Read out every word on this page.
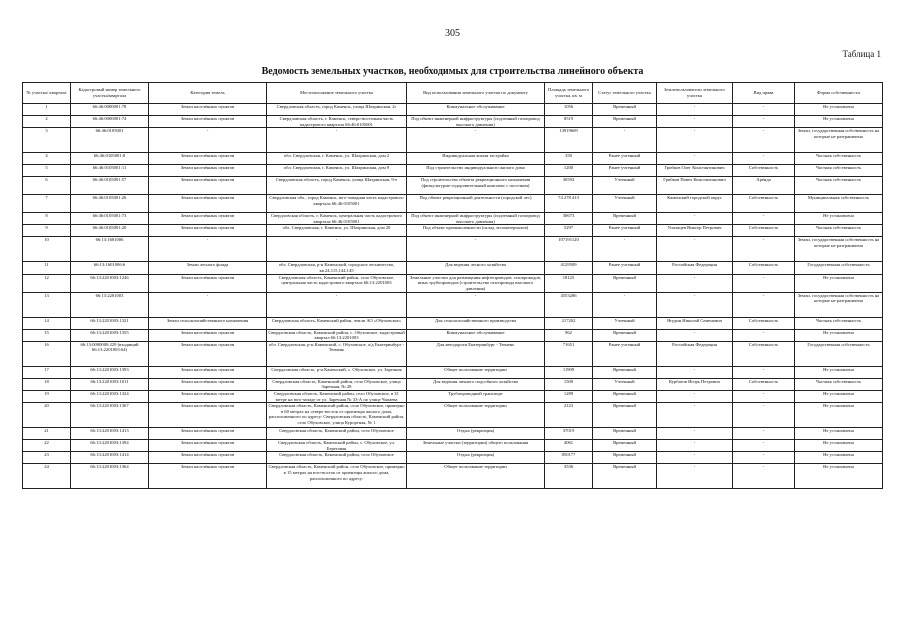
305
Таблица 1
Ведомость земельных участков, необходимых для строительства линейного объекта
№ участка/ квартала	Кадастровый номер земельного участка/квартала	Категория земель	Местоположение земельного участка	Вид использования земельного участка по документу	Площадь земельного участка, кв. м	Статус земельного участка	Землепользователи земельного участка	Вид права	Форма собственности
1	66:46:0000001:78	Земли населённых пунктов	Свердловская область, город Каменск, улица Шахринская, 2г	Коммунальное обслуживание	1056	Временный	-	-	Не установлена
2	66:46:0000001:74	Земли населённых пунктов	Свердловская область, г. Каменск, северо-восточная часть кадастрового квартала 66:46:0105001	Под объект инженерной инфраструктуры (подземный газопровод высокого давления)	8519	Временный	-	-	Не установлена
3	66:46:0105001	-	-	-	13919669	-	-	-	Земли, государственная собственность на которые не разграничена
4	66:46:0105001:8	Земли населённых пунктов	обл. Свердловская, г. Каменск, ул. Шахринская, дом 2	Индивидуальная жилая застройка	350	Ранее учтенный	-	-	Частная собственность
5	66:46:0105001:11	Земли населённых пунктов	обл. Свердловская, г. Каменск, ул. Шахринская, дом 9	Под строительство индивидуального жилого дома	1200	Ранее учтенный	Грибков Олег Константинович	Собственность	Частная собственность
6	66:46:0105001:57	Земли населённых пунктов	Свердловская область, город Каменск, улица Шахринская, 9-е	Под строительство объекта рекреационного назначения (физкультурно-оздоровительный комплекс с поселком)	30592	Учтенный	Грибков Павел Константинович	Аренда	Частная собственность
7	66:46:0105001:26	Земли населённых пунктов	Свердловская обл., город Каменск, юго-западная часть кадастрового квартала 66:46:0105001	Под объект рекреационной деятельности (городской лес)	74 278 413	Учтенный	Каменский городской округ	Собственность	Муниципальная собственность
8	66:46:0105001:73	Земли населённых пунктов	Свердловская область, г. Каменск, центральная часть кадастрового квартала 66:46:0105001	Под объект инженерной инфраструктуры (подземный газопровод высокого давления)	30673	Временный	-	-	Не установлена
9	66:46:0105001:20	Земли населённых пунктов	обл. Свердловская, г. Каменск, ул. Шахринская, дом 20	Под объект промышленности (склад лесоматериалов)	5297	Ранее учтенный	Ускомцев Виктор Петрович	Собственность	Частная собственность
10	66:13:1601006	-	-	-	107191120	-	-	-	Земли, государственная собственность на которые не разграничена
11	66:13:1601006:6	Земли лесного фонда	обл. Свердловская, р-н Каменский, городское лесничество, кв.24,115,144,145	Для ведения лесного хозяйства	4129509	Ранее учтенный	Российская Федерация	Собственность	Государственная собственность
12	66:13:2201003:1246	Земли населённых пунктов	Свердловская область, Каменский район, село Обуховское, центральная часть кадастрового квартала 66:13:2201003	Земельные участки для размещения нефтепроводов, газопроводов, иных трубопроводов (строительство газопровода высокого давления)	18125	Временный	-	-	Не установлена
13	66:13:2201003	-	-	-	4553286	-	-	-	Земли, государственная собственность на которые не разграничена
14	66:13:2201003:1321	Земли сельскохозяйственного назначения	Свердловская область, Каменский район, земли АО «Обуховское»	Для сельскохозяйственного производства	217202	Учтенный	Ягудин Николай Семенович	Собственность	Частная собственность
15	66:13:2201003:1355	Земли населённых пунктов	Свердловская область, Каменский район, с. Обуховское, кадастровый квартал 66:13:2201003	Коммунальное обслуживание	962	Временный	-	-	Не установлена
16	66:13:0000000:229 (входящий 66:13:2201003:64)	Земли населённых пунктов	обл. Свердловская, р-н Каменский, с. Обуховское, а/д Екатеринбург - Тюмень	Для автодороги Екатеринбург - Тюмень	71651	Ранее учтенный	Российская Федерация	Собственность	Государственная собственность
17	66:13:2201003:1393	Земли населённых пунктов	Свердловская область, р-н Каменский, с. Обуховское, ул. Заречная	Общее пользование территории	11909	Временный	-	-	Не установлена
18	66:13:2201003:1011	Земли населённых пунктов	Свердловская область, Каменский район, село Обуховское, улица Заречная, № 28	Для ведения личного подсобного хозяйства	1500	Учтенный	Курбатов Игорь Петрович	Собственность	Частная собственность
19	66:13:2201003:1324	Земли населённых пунктов	Свердловская область, Каменский район, село Обуховское, в 31 метре на юго-западе от ул. Заречная № 33-А по улице Чапаева	Трубопроводный транспорт	1289	Временный	-	-	Не установлена
20	66:13:2201003:1367	Земли населённых пунктов	Свердловская область, Каменский район, село Обуховское, примерно в 60 метрах на северо-восток от ориентира жилого дома, расположенного по адресу: Свердловская область, Каменский район, село Обуховское, улица Курортная, № 1	Общее пользование территории	2123	Временный	-	-	Не установлена
21	66:13:2201003:1413	Земли населённых пунктов	Свердловская область, Каменский район, село Обуховское	Отдых (рекреация)	37019	Временный	-	-	Не установлена
22	66:13:2201003:1394	Земли населённых пунктов	Свердловская область, Каменский район, с. Обуховское, ул. Береговая	Земельные участки (территории) общего пользования	4061	Временный	-	-	Не установлена
23	66:13:2201003:1414	Земли населённых пунктов	Свердловская область, Каменский район, село Обуховское	Отдых (рекреация)	850177	Временный	-	-	Не установлена
24	66:13:2201003:1364	Земли населённых пунктов	Свердловская область, Каменский район, село Обуховское, примерно в 15 метрах на юго-восток от ориентира жилого дома, расположенного по адресу:	Общее пользование территории	3536	Временный	-	-	Не установлена
